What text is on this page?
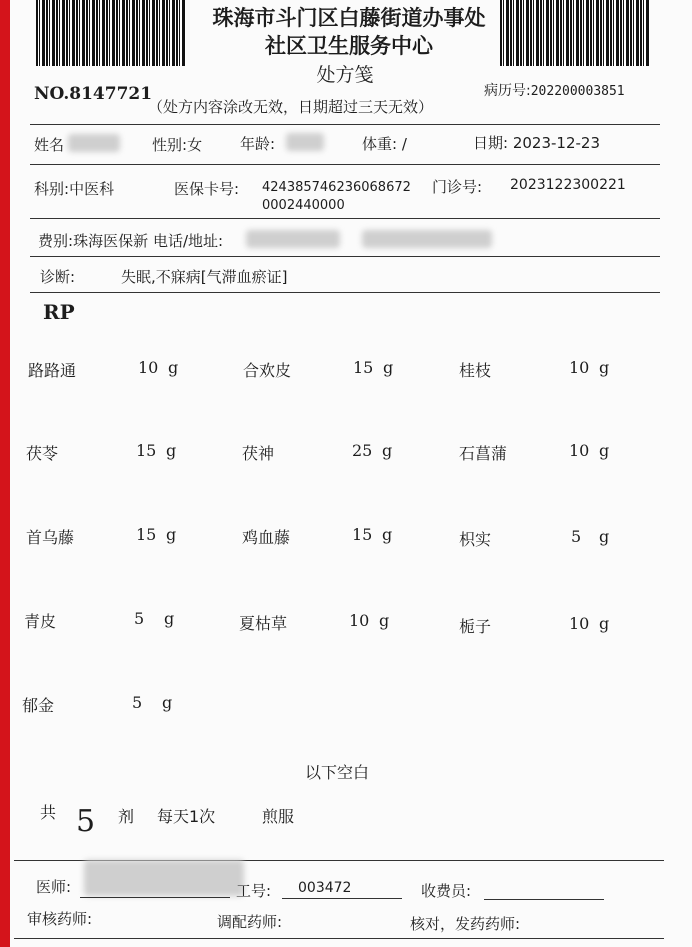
珠海市斗门区白藤街道办事处
社区卫生服务中心
处方笺
NO.8147721
（处方内容涂改无效，日期超过三天无效）
病历号:202200003851
姓名	性别:女	年龄:	体重: /	日期: 2023-12-23
科别:中医科	医保卡号: 424385746236068672
0002440000
门诊号: 2023122300221
费别:珠海医保新 电话/地址:
诊断:	失眠,不寐病[气滞血瘀证]
RP
路路通	10 g	合欢皮	15 g	桂枝	10 g
茯苓	15 g	茯神	25 g	石菖蒲	10 g
首乌藤	15 g	鸡血藤	15 g	枳实	5 g
青皮	5 g	夏枯草	10 g	栀子	10 g
郁金	5 g
以下空白
共 5 剂 每天1次	煎服
医师:	工号: 003472	收费员:
审核药师:	调配药师:	核对，发药药师:
